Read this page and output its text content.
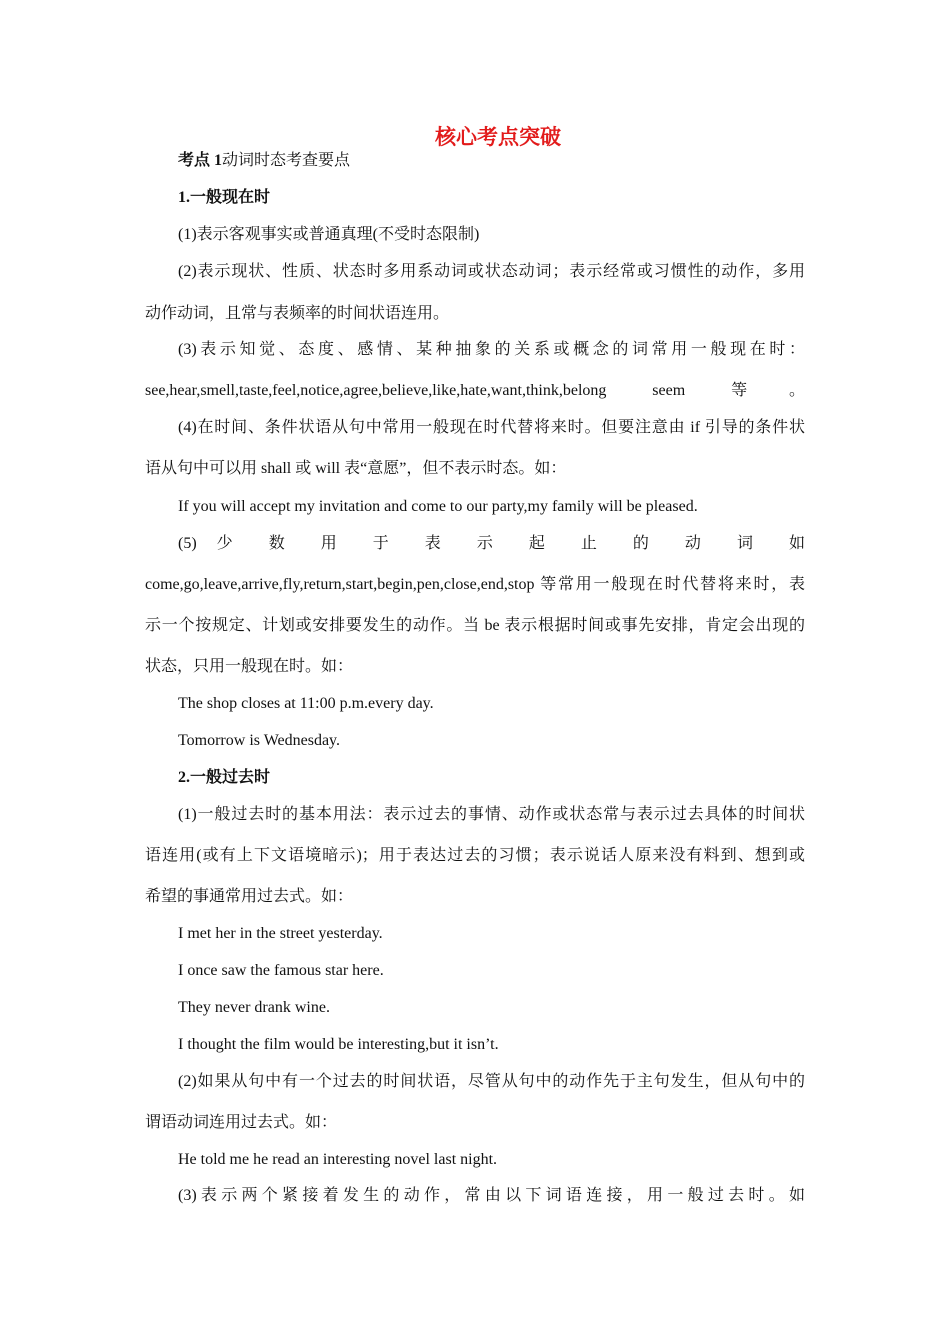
核心考点突破
考点 1动词时态考查要点
1.一般现在时
(1)表示客观事实或普通真理(不受时态限制)
(2)表示现状、性质、状态时多用系动词或状态动词；表示经常或习惯性的动作，多用
动作动词，且常与表频率的时间状语连用。
(3)表示知觉、态度、感情、某种抽象的关系或概念的词常用一般现在时：
see,hear,smell,taste,feel,notice,agree,believe,like,hate,want,think,belong seem 等。
(4)在时间、条件状语从句中常用一般现在时代替将来时。但要注意由 if 引导的条件状
语从句中可以用 shall 或 will 表“意愿”，但不表示时态。如：
If you will accept my invitation and come to our party,my family will be pleased.
(5) 少 数 用 于 表 示 起 止 的 动 词 如
come,go,leave,arrive,fly,return,start,begin,pen,close,end,stop 等常用一般现在时代替将来时，表
示一个按规定、计划或安排要发生的动作。当 be 表示根据时间或事先安排，肯定会出现的
状态，只用一般现在时。如：
The shop closes at 11:00 p.m.every day.
Tomorrow is Wednesday.
2.一般过去时
(1)一般过去时的基本用法：表示过去的事情、动作或状态常与表示过去具体的时间状
语连用(或有上下文语境暗示)；用于表达过去的习惯；表示说话人原来没有料到、想到或
希望的事通常用过去式。如：
I met her in the street yesterday.
I once saw the famous star here.
They never drank wine.
I thought the film would be interesting,but it isn’t.
(2)如果从句中有一个过去的时间状语，尽管从句中的动作先于主句发生，但从句中的
谓语动词连用过去式。如：
He told me he read an interesting novel last night.
(3)表示两个紧接着发生的动作，常由以下词语连接，用一般过去时。如
